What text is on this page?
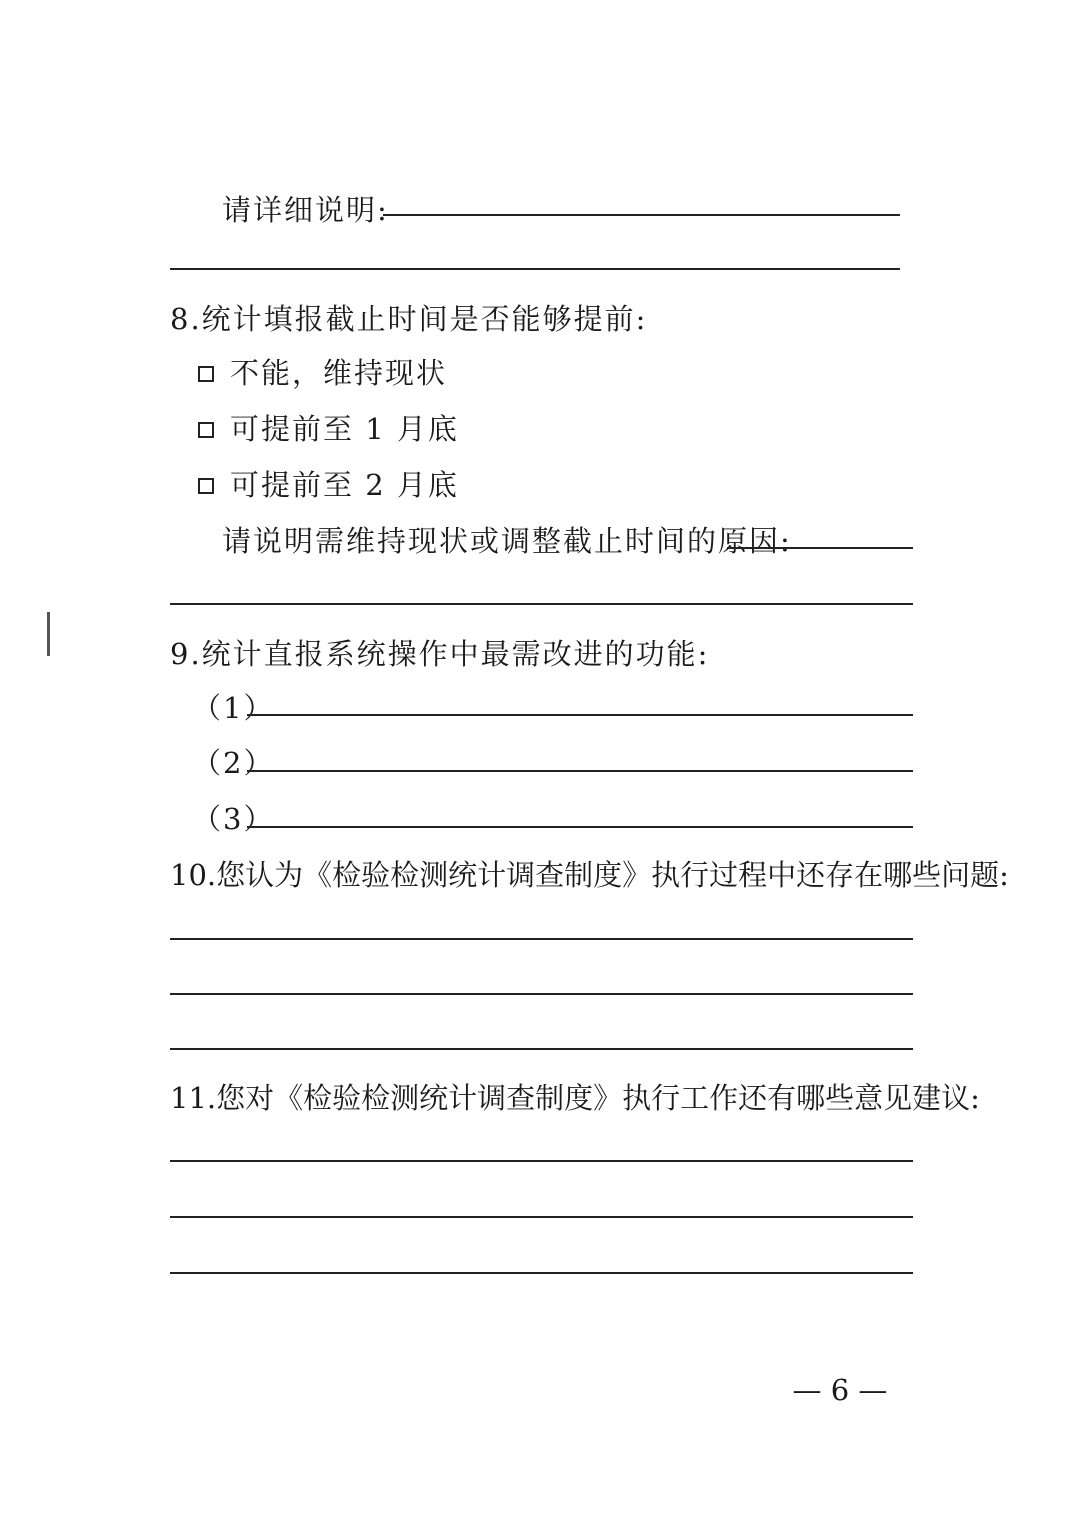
请详细说明:
8.统计填报截止时间是否能够提前:
不能，维持现状
可提前至 1 月底
可提前至 2 月底
请说明需维持现状或调整截止时间的原因:
9.统计直报系统操作中最需改进的功能:
（1）
（2）
（3）
10.您认为《检验检测统计调查制度》执行过程中还存在哪些问题:
11.您对《检验检测统计调查制度》执行工作还有哪些意见建议:
— 6 —
